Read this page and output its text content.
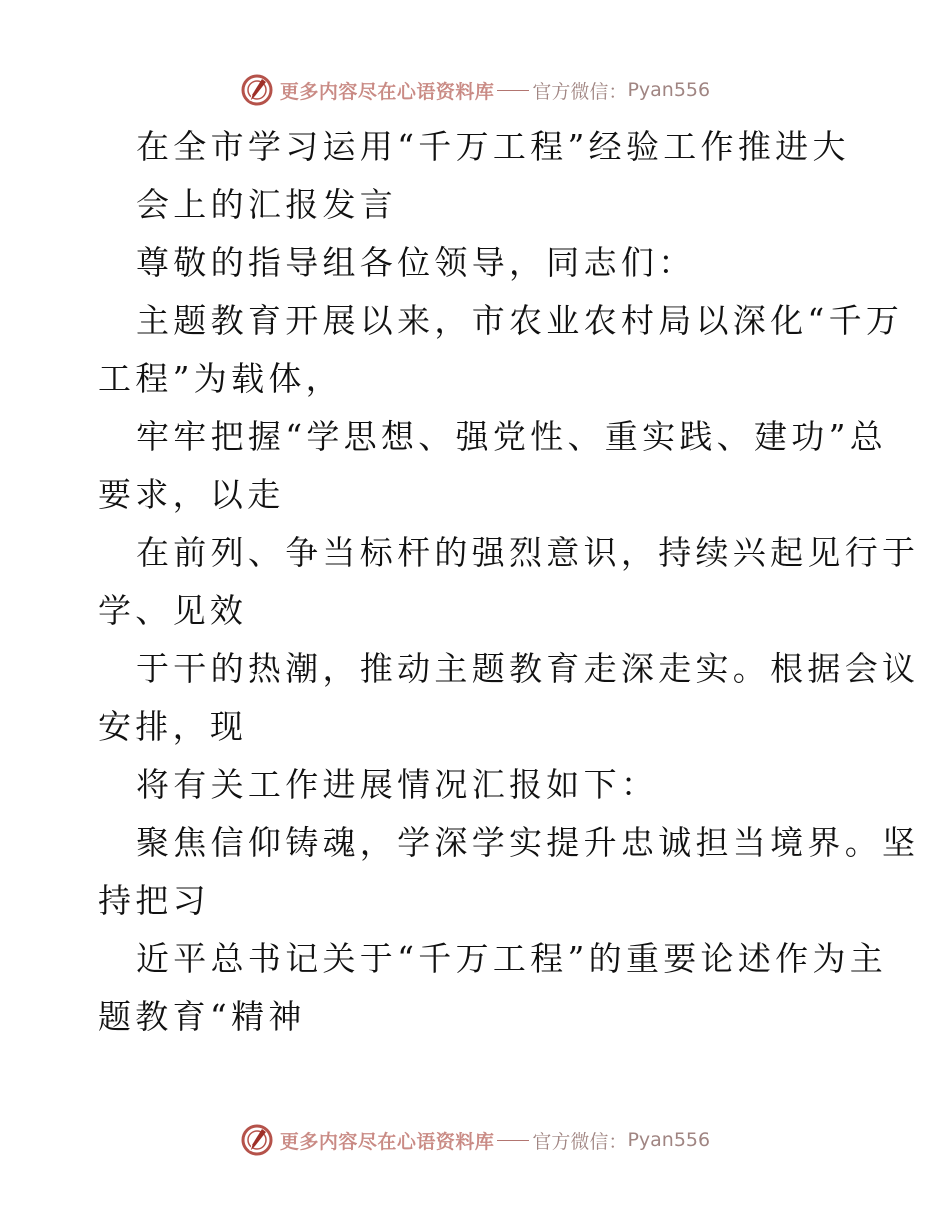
更多内容尽在心语资料库 官方微信： Pyan556
在全市学习运用“千万工程”经验工作推进大
会上的汇报发言
尊敬的指导组各位领导，同志们：
主题教育开展以来，市农业农村局以深化“千万
工程”为载体，
牢牢把握“学思想、强党性、重实践、建功”总
要求，以走
在前列、争当标杆的强烈意识，持续兴起见行于
学、见效
于干的热潮，推动主题教育走深走实。根据会议
安排，现
将有关工作进展情况汇报如下：
聚焦信仰铸魂，学深学实提升忠诚担当境界。坚
持把习
近平总书记关于“千万工程”的重要论述作为主
题教育“精神
更多内容尽在心语资料库 官方微信： Pyan556
